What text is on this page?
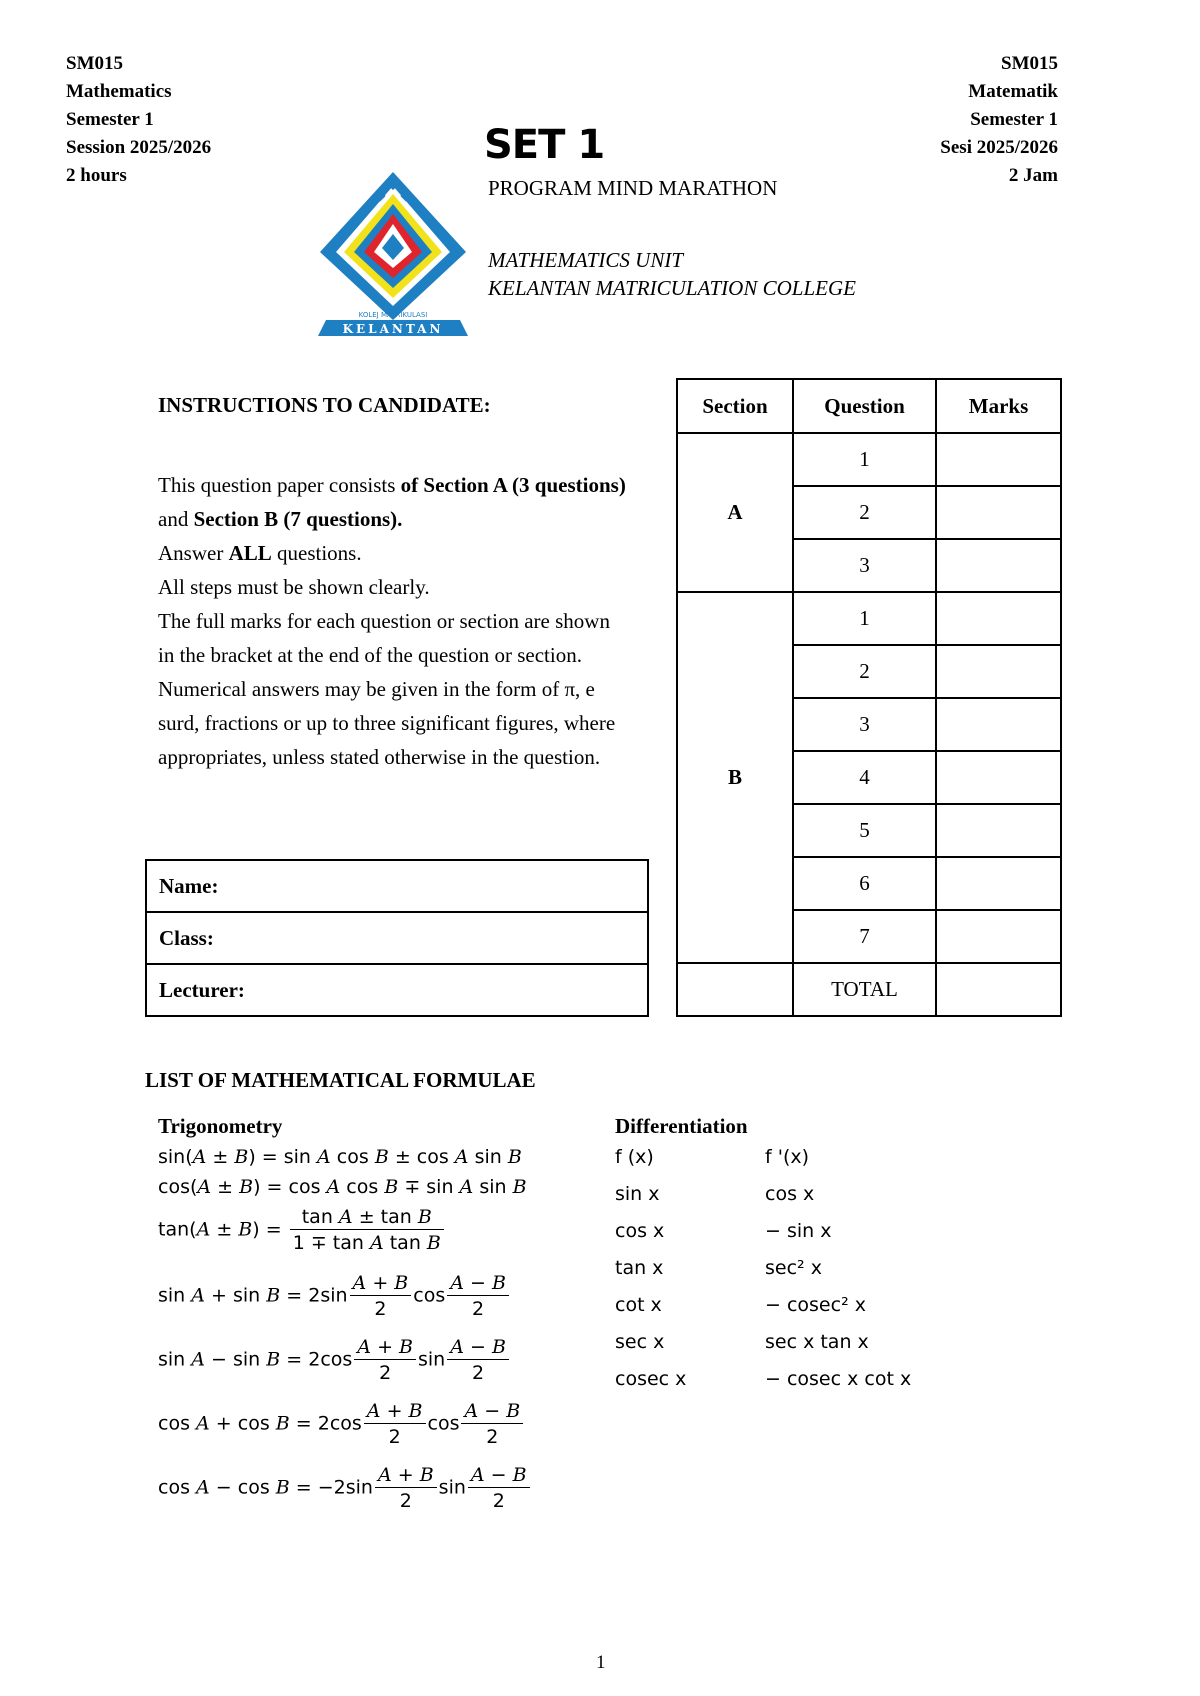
SM015
Mathematics
Semester 1
Session 2025/2026
2 hours
SM015
Matematik
Semester 1
Sesi 2025/2026
2 Jam
SET 1
PROGRAM MIND MARATHON
MATHEMATICS UNIT
KELANTAN MATRICULATION COLLEGE
KOLEJ MATRIKULASI
KELANTAN
INSTRUCTIONS TO CANDIDATE:

This question paper consists of Section A (3 questions) and Section B (7 questions).

Answer ALL questions.

All steps must be shown clearly.

The full marks for each question or section are shown in the bracket at the end of the question or section.

Numerical answers may be given in the form of π, e surd, fractions or up to three significant figures, where appropriates, unless stated otherwise in the question.

Name:
Class:
Lecturer:
Section	Question	Marks
A	1	
	2	
	3	
B	1	
	2	
	3	
	4	
	5	
	6	
	7	
	TOTAL	
LIST OF MATHEMATICAL FORMULAE
Trigonometry	Differentiation
sin(A ± B) = sin A cos B ± cos A sin B
cos(A ± B) = cos A cos B ∓ sin A sin B
$\tan(A \pm B) = \frac{\text{tan A ± tan B}}{\text{1 ∓ tan A tan B}}$
$\sin A + \sin B = 2\sin \frac{A + B}{2}$ $\cos \frac{A - B}{2}$
$\sin A - \sin B = 2\cos \frac{A + B}{2}$ $\sin \frac{A - B}{2}$
$\cos A + \cos B = 2\cos \frac{A + B}{2}$ $\cos \frac{A - B}{2}$
$\cos A - \cos B = -2\sin \frac{A + B}{2}$ $\sin \frac{A - B}{2}$
f (x)	f '(x)
sin x	cos x
cos x	− sin x
tan x	sec² x
cot x	− cosec² x
sec x	sec x tan x
cosec x	− cosec x cot x
1
